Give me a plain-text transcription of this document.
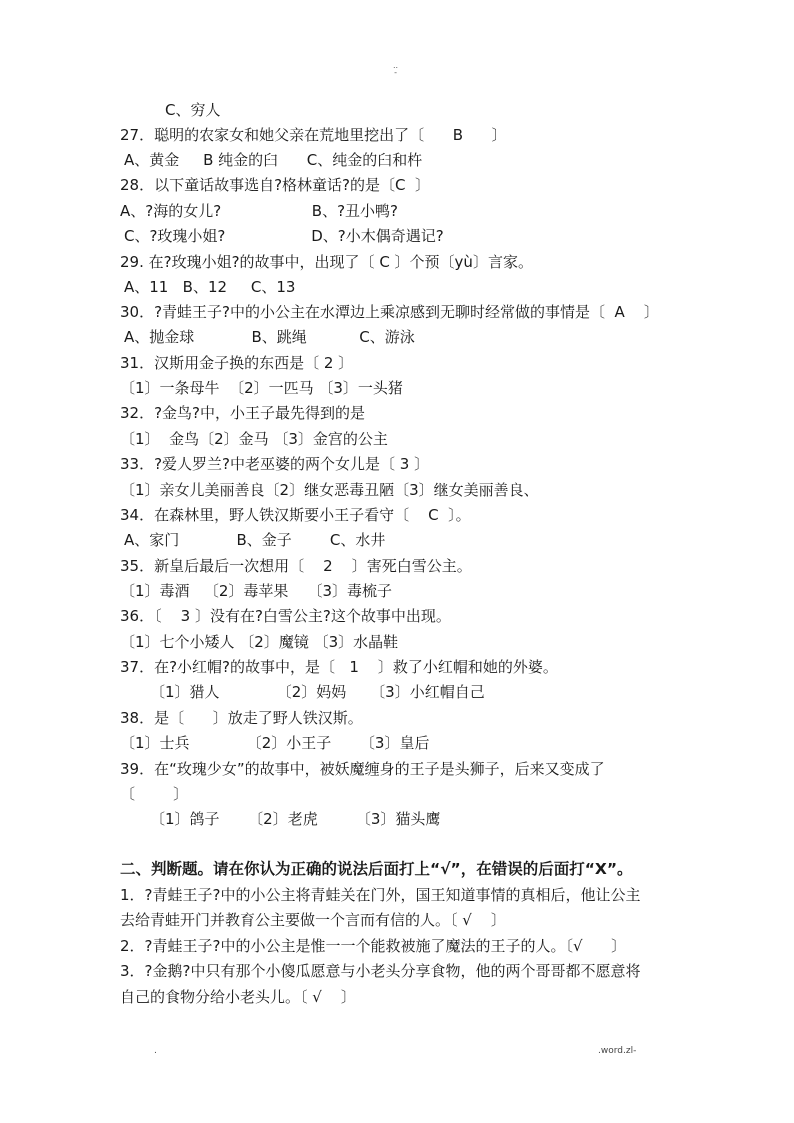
..
-
C、穷人
27．聪明的农家女和她父亲在荒地里挖出了〔      B      〕
A、黄金     B 纯金的臼      C、纯金的臼和杵
28．以下童话故事选自?格林童话?的是〔C  〕
A、?海的女儿?                   B、?丑小鸭?
C、?玫瑰小姐?                  D、?小木偶奇遇记?
29. 在?玫瑰小姐?的故事中，出现了〔 C 〕个预〔yù〕言家。
A、11   B、12     C、13
30．?青蛙王子?中的小公主在水潭边上乘凉感到无聊时经常做的事情是〔  A    〕
A、抛金球            B、跳绳           C、游泳
31．汉斯用金子换的东西是〔 2 〕
〔1〕一条母牛  〔2〕一匹马 〔3〕一头猪
32．?金鸟?中，小王子最先得到的是
〔1〕  金鸟〔2〕金马 〔3〕金宫的公主
33．?爱人罗兰?中老巫婆的两个女儿是〔 3 〕
〔1〕亲女儿美丽善良〔2〕继女恶毒丑陋〔3〕继女美丽善良、
34．在森林里，野人铁汉斯要小王子看守〔    C  〕。
A、家门            B、金子        C、水井
35．新皇后最后一次想用〔    2    〕害死白雪公主。
〔1〕毒酒   〔2〕毒苹果    〔3〕毒梳子
36．〔    3 〕没有在?白雪公主?这个故事中出现。
〔1〕七个小矮人 〔2〕魔镜 〔3〕水晶鞋
37．在?小红帽?的故事中，是〔   1    〕救了小红帽和她的外婆。
〔1〕猎人            〔2〕妈妈     〔3〕小红帽自己
38．是〔      〕放走了野人铁汉斯。
〔1〕士兵            〔2〕小王子      〔3〕皇后
39．在“玫瑰少女”的故事中，被妖魔缠身的王子是头狮子，后来又变成了
〔        〕
〔1〕鸽子      〔2〕老虎        〔3〕猫头鹰
二、判断题。请在你认为正确的说法后面打上“√”，在错误的后面打“X”。
1．?青蛙王子?中的小公主将青蛙关在门外，国王知道事情的真相后，他让公主
去给青蛙开门并教育公主要做一个言而有信的人。〔 √    〕
2．?青蛙王子?中的小公主是惟一一个能救被施了魔法的王子的人。〔√      〕
3．?金鹅?中只有那个小傻瓜愿意与小老头分享食物，他的两个哥哥都不愿意将
自己的食物分给小老头儿。〔 √    〕
.	.word.zl-
